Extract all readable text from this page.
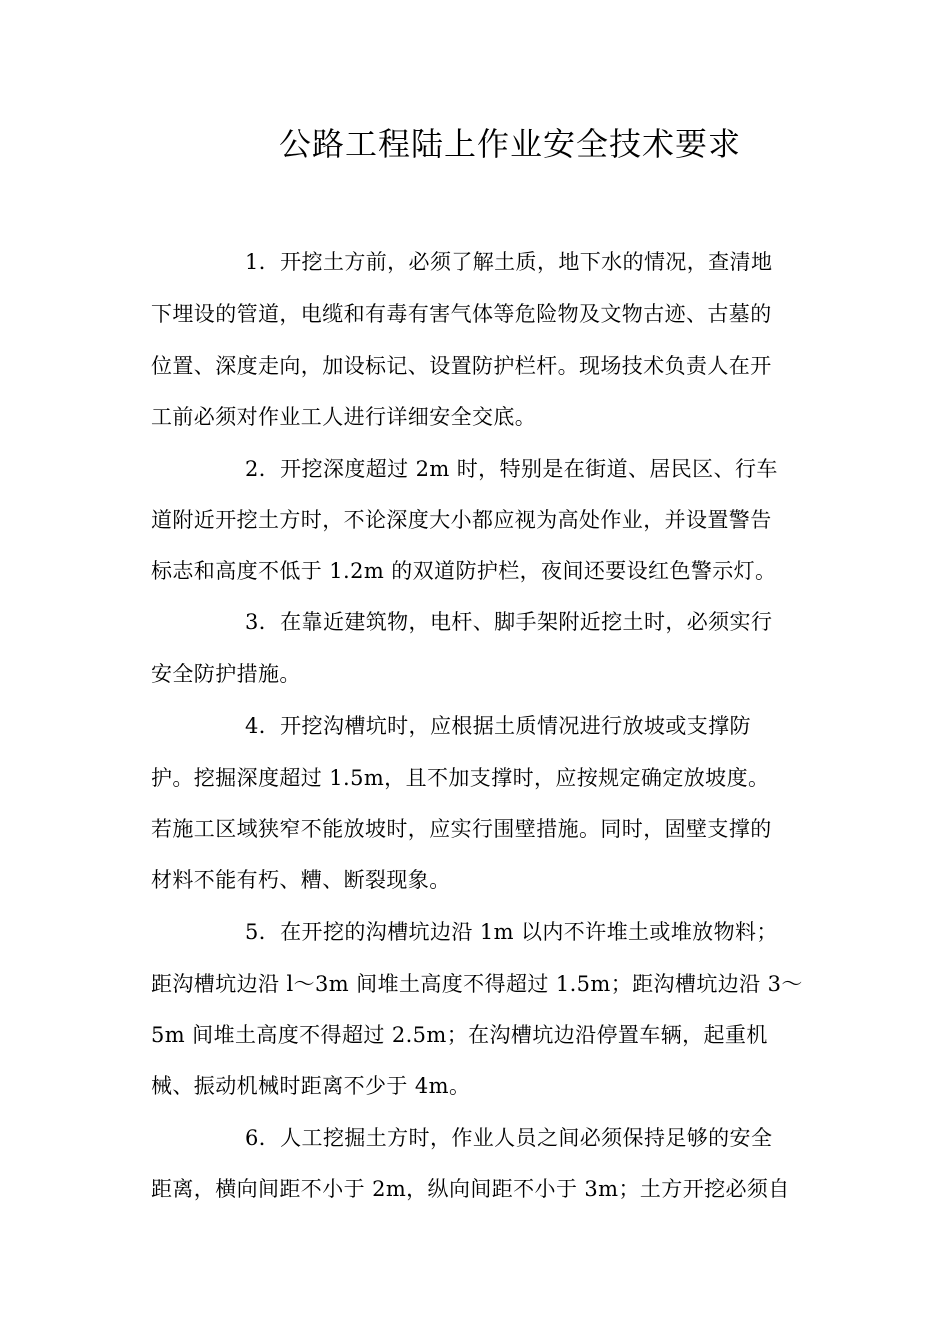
公路工程陆上作业安全技术要求

1．开挖土方前，必须了解土质，地下水的情况，查清地

下埋设的管道，电缆和有毒有害气体等危险物及文物古迹、古墓的

位置、深度走向，加设标记、设置防护栏杆。现场技术负责人在开

工前必须对作业工人进行详细安全交底。

2．开挖深度超过 2m 时，特别是在街道、居民区、行车

道附近开挖土方时，不论深度大小都应视为高处作业，并设置警告

标志和高度不低于 1.2m 的双道防护栏，夜间还要设红色警示灯。

3．在靠近建筑物，电杆、脚手架附近挖土时，必须实行

安全防护措施。

4．开挖沟槽坑时，应根据土质情况进行放坡或支撑防

护。挖掘深度超过 1.5m，且不加支撑时，应按规定确定放坡度。

若施工区域狭窄不能放坡时，应实行围壁措施。同时，固壁支撑的

材料不能有朽、糟、断裂现象。

5．在开挖的沟槽坑边沿 1m 以内不许堆土或堆放物料；

距沟槽坑边沿 l～3m 间堆土高度不得超过 1.5m；距沟槽坑边沿 3～

5m 间堆土高度不得超过 2.5m；在沟槽坑边沿停置车辆，起重机

械、振动机械时距离不少于 4m。

6．人工挖掘土方时，作业人员之间必须保持足够的安全

距离，横向间距不小于 2m，纵向间距不小于 3m；土方开挖必须自
